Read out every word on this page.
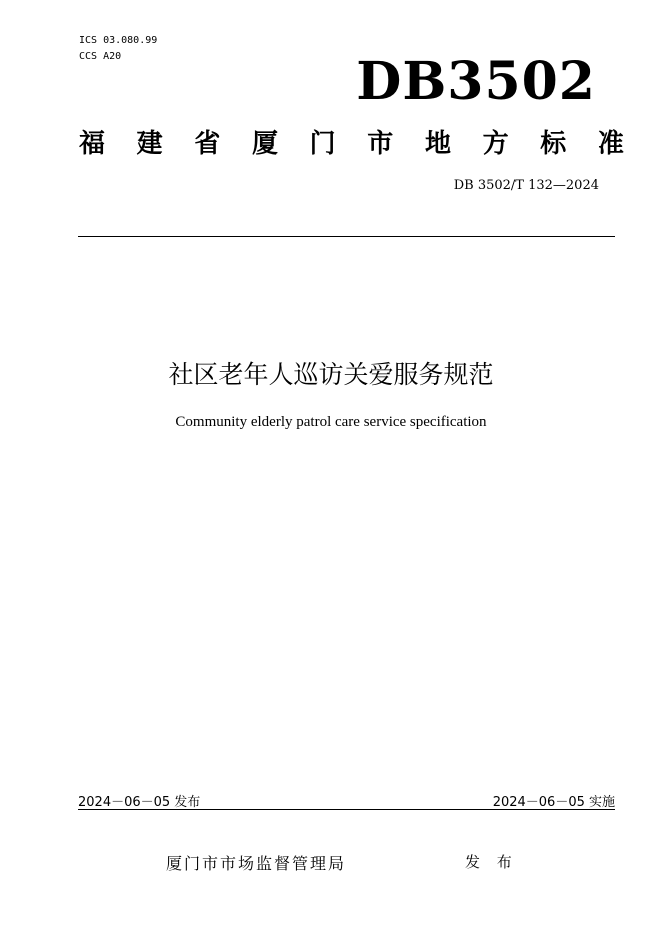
ICS 03.080.99
CCS A20	DB3502
福 建 省 厦 门 市 地 方 标 准
DB 3502/T 132—2024
社区老年人巡访关爱服务规范
Community elderly patrol care service specification
2024－06－05 发布	2024－06－05 实施
厦门市市场监督管理局	发 布
